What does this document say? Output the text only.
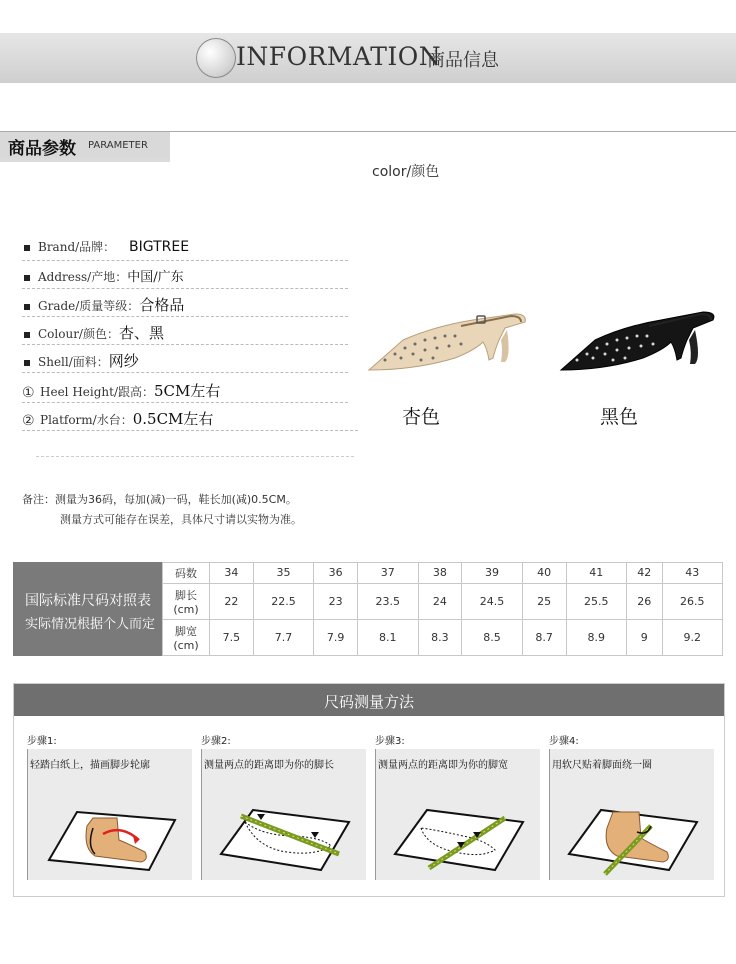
INFORMATION
商品信息
商品参数 PARAMETER
color/颜色
Brand/品牌： BIGTREE
Address/产地：中国/广东
Grade/质量等级：合格品
Colour/颜色：杏、黑
Shell/面料：网纱
① Heel Height/跟高：5CM左右
② Platform/水台：0.5CM左右	杏色	黑色
备注：测量为36码，每加(减)一码，鞋长加(减)0.5CM。
测量方式可能存在误差，具体尺寸请以实物为准。
国际标准尺码对照表
实际情况根据个人而定
码数	34	35	36	37	38	39	40	41	42	43
脚长(cm)	22	22.5	23	23.5	24	24.5	25	25.5	26	26.5
脚宽(cm)	7.5	7.7	7.9	8.1	8.3	8.5	8.7	8.9	9	9.2
尺码测量方法
步骤1:
轻踏白纸上，描画脚步轮廓
步骤2:
测量两点的距离即为你的脚长
步骤3:
测量两点的距离即为你的脚宽
步骤4:
用软尺贴着脚面绕一圈
